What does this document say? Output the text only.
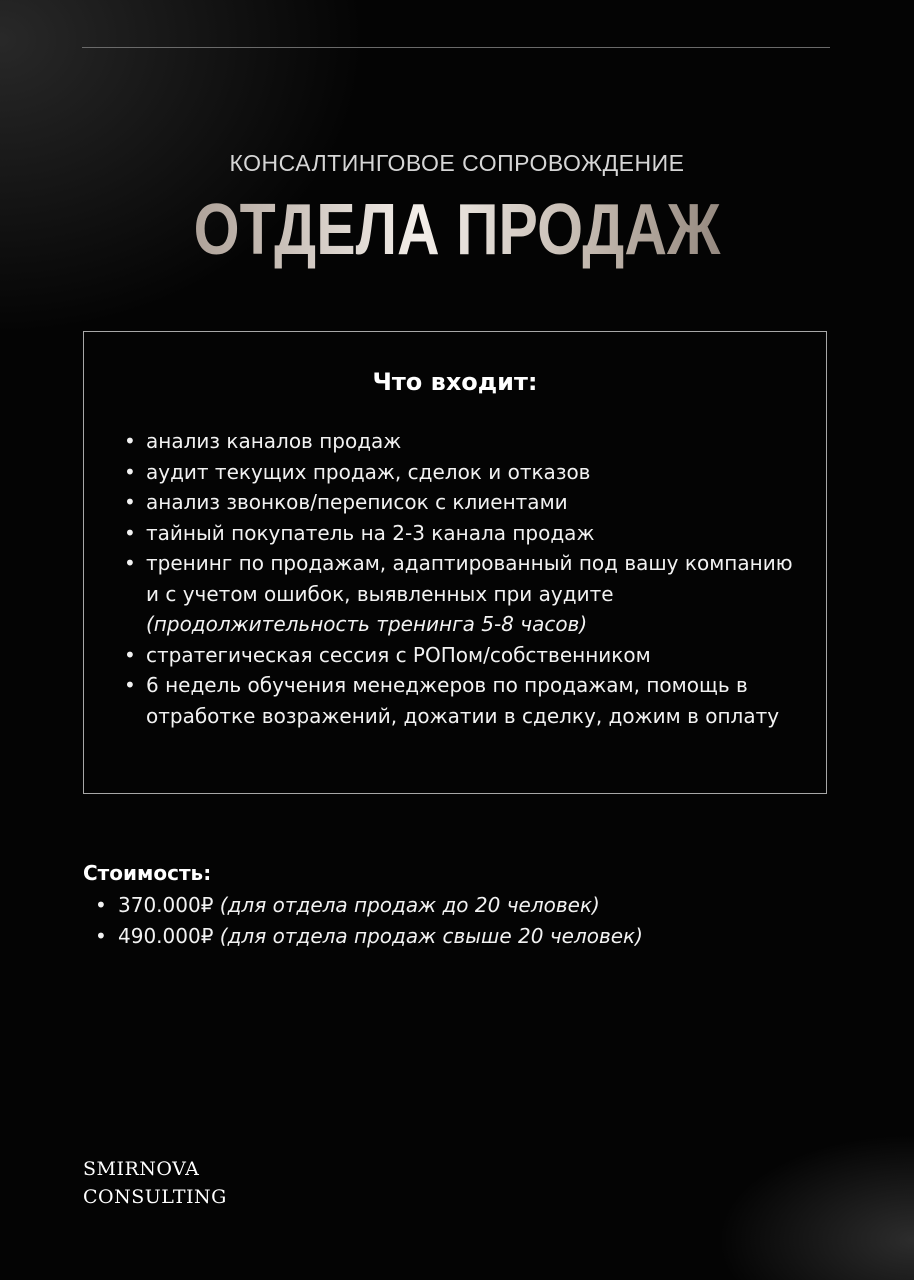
КОНСАЛТИНГОВОЕ СОПРОВОЖДЕНИЕ
ОТДЕЛА ПРОДАЖ
Что входит:
• анализ каналов продаж
• аудит текущих продаж, сделок и отказов
• анализ звонков/переписок с клиентами
• тайный покупатель на 2-3 канала продаж
• тренинг по продажам, адаптированный под вашу компанию и с учетом ошибок, выявленных при аудите (продолжительность тренинга 5-8 часов)
• стратегическая сессия с РОПом/собственником
• 6 недель обучения менеджеров по продажам, помощь в отработке возражений, дожатии в сделку, дожим в оплату
Стоимость:
• 370.000₽ (для отдела продаж до 20 человек)
• 490.000₽ (для отдела продаж свыше 20 человек)
SMIRNOVA
CONSULTING
